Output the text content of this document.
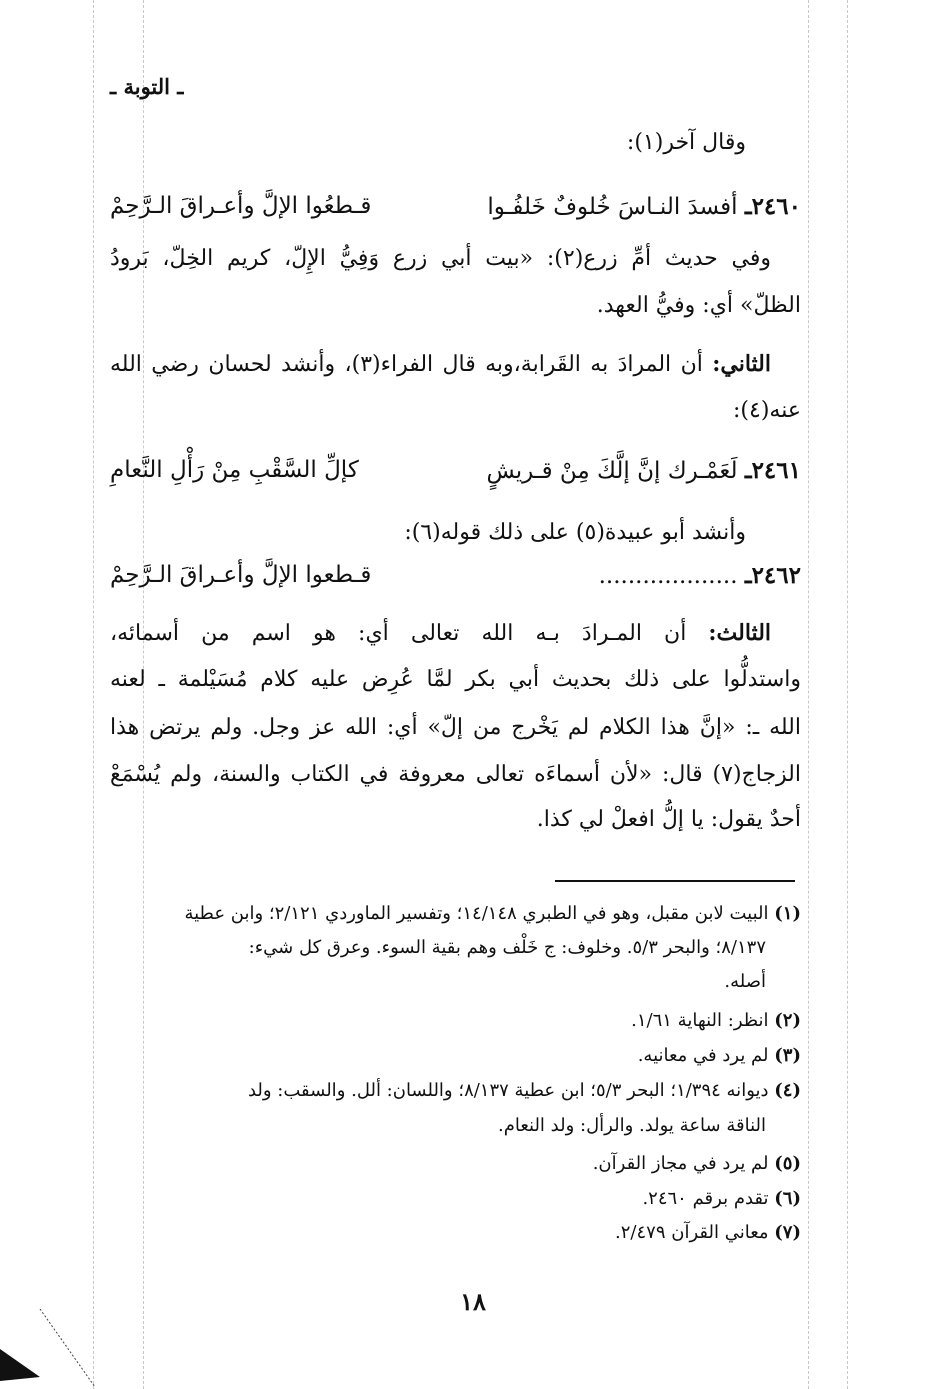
ـ التوبة ـ
وقال آخر(١):
٢٤٦٠ـ أفسدَ النـاسَ خُلوفٌ خَلفُـوا
قـطعُوا الإلَّ وأعـراقَ الـرَّحِمْ
وفي حديث أمِّ زرع(٢): «بيت أبي زرع وَفِيُّ الإِلّ، كريم الخِلّ، بَرودُ
الظلّ» أي: وفيُّ العهد.
الثاني: أن المرادَ به القَرابة،وبه قال الفراء(٣)، وأنشد لحسان رضي الله
عنه(٤):
٢٤٦١ـ لَعَمْـرك إنَّ إلَّكَ مِنْ قـريشٍ
كإلِّ السَّقْبِ مِنْ رَأْلِ النَّعامِ
وأنشد أبو عبيدة(٥) على ذلك قوله(٦):
٢٤٦٢ـ ...................
قـطعوا الإلَّ وأعـراقَ الـرَّحِمْ
الثالث: أن المـرادَ بـه الله تعالى أي: هو اسم من أسمائه،
واستدلُّوا على ذلك بحديث أبي بكر لمَّا عُرِض عليه كلام مُسَيْلمة ـ لعنه
الله ـ: «إنَّ هذا الكلام لم يَخْرج من إلّ» أي: الله عز وجل. ولم يرتض هذا
الزجاج(٧) قال: «لأن أسماءَه تعالى معروفة في الكتاب والسنة، ولم يُسْمَعْ
أحدٌ يقول: يا إلُّ افعلْ لي كذا.
(١) البيت لابن مقبل، وهو في الطبري ١٤/١٤٨؛ وتفسير الماوردي ٢/١٢١؛ وابن عطية
٨/١٣٧؛ والبحر ٥/٣. وخلوف: ج خَلْف وهم بقية السوء. وعرق كل شيء:
أصله.
(٢) انظر: النهاية ١/٦١.
(٣) لم يرد في معانيه.
(٤) ديوانه ١/٣٩٤؛ البحر ٥/٣؛ ابن عطية ٨/١٣٧؛ واللسان: ألل. والسقب: ولد
الناقة ساعة يولد. والرأل: ولد النعام.
(٥) لم يرد في مجاز القرآن.
(٦) تقدم برقم ٢٤٦٠.
(٧) معاني القرآن ٢/٤٧٩.
١٨
